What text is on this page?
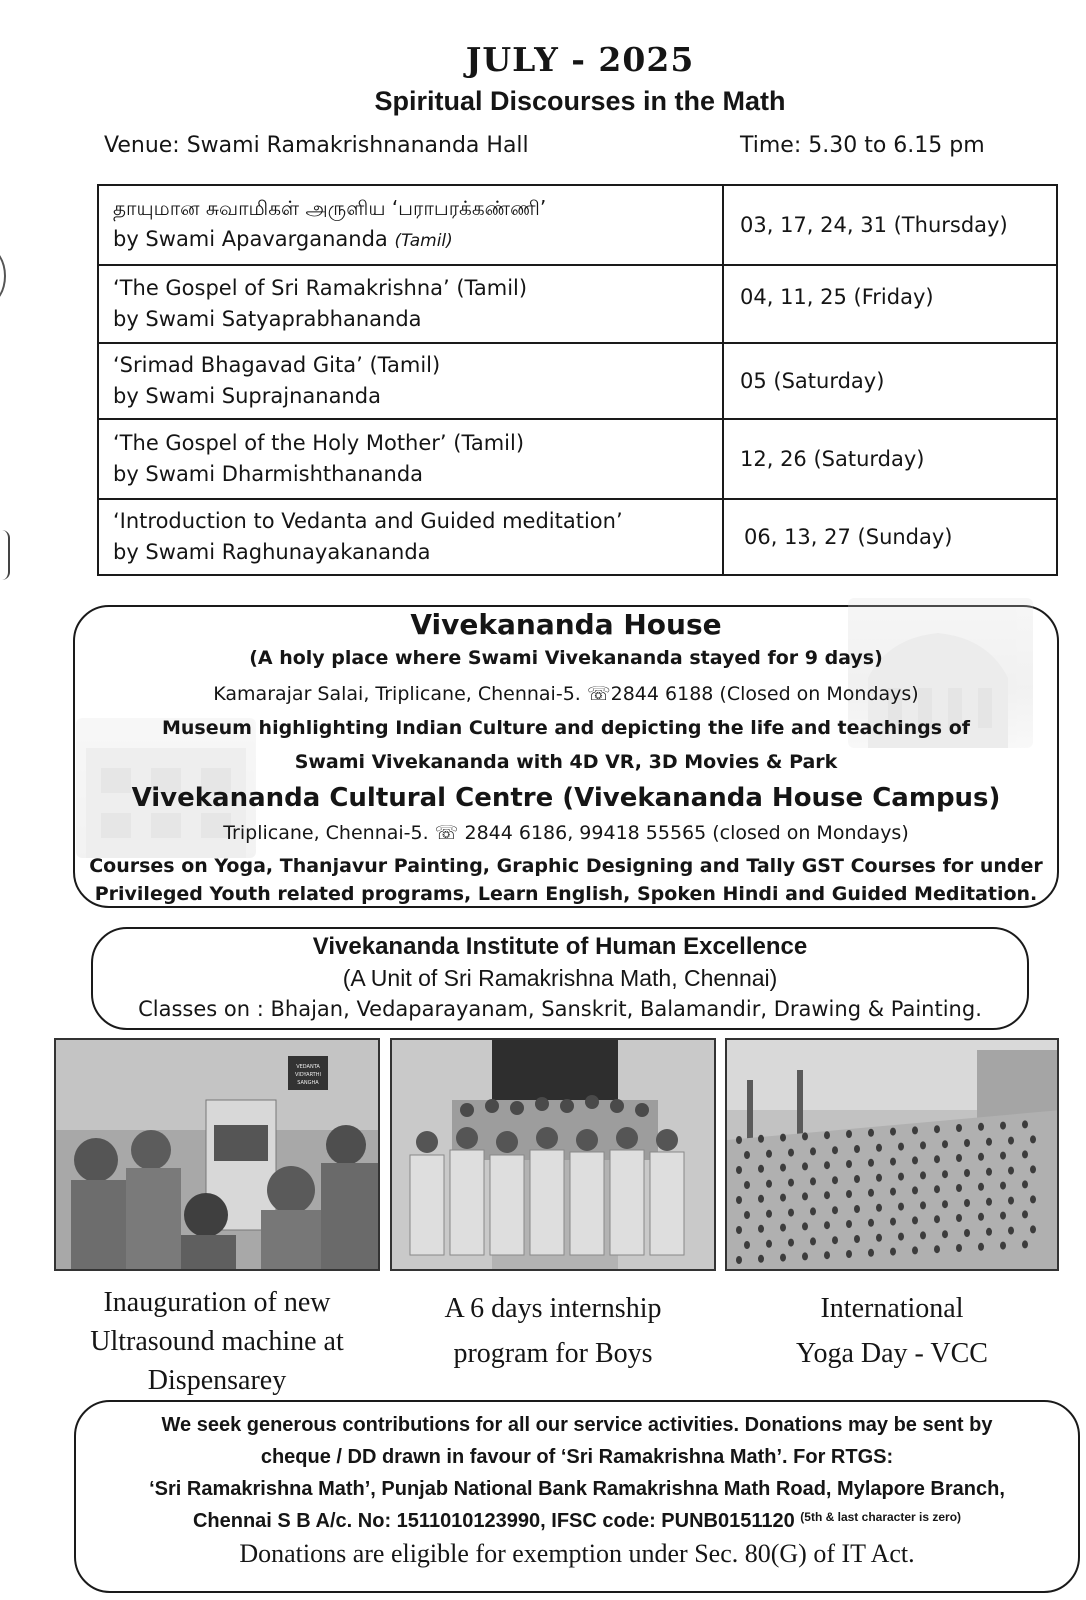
JULY - 2025
Spiritual Discourses in the Math
Venue: Swami Ramakrishnananda Hall	Time: 5.30 to 6.15 pm
தாயுமான சுவாமிகள் அருளிய ‘பராபரக்கண்ணி’
by Swami Apavargananda (Tamil)	03, 17, 24, 31 (Thursday)

‘The Gospel of Sri Ramakrishna’ (Tamil)
by Swami Satyaprabhananda	04, 11, 25 (Friday)

‘Srimad Bhagavad Gita’ (Tamil)
by Swami Suprajnananda	05 (Saturday)

‘The Gospel of the Holy Mother’ (Tamil)
by Swami Dharmishthananda	12, 26 (Saturday)

‘Introduction to Vedanta and Guided meditation’
by Swami Raghunayakananda	06, 13, 27 (Sunday)
Vivekananda House
(A holy place where Swami Vivekananda stayed for 9 days)
Kamarajar Salai, Triplicane, Chennai-5. ☏2844 6188 (Closed on Mondays)
Museum highlighting Indian Culture and depicting the life and teachings of
Swami Vivekananda with 4D VR, 3D Movies & Park
Vivekananda Cultural Centre (Vivekananda House Campus)
Triplicane, Chennai-5. ☏ 2844 6186, 99418 55565 (closed on Mondays)
Courses on Yoga, Thanjavur Painting, Graphic Designing and Tally GST Courses for under
Privileged Youth related programs, Learn English, Spoken Hindi and Guided Meditation.
Vivekananda Institute of Human Excellence
(A Unit of Sri Ramakrishna Math, Chennai)
Classes on : Bhajan, Vedaparayanam, Sanskrit, Balamandir, Drawing & Painting.
VEDANTA
VIDYARTHI
SANGHA
Inauguration of new
Ultrasound machine at
Dispensarey
A 6 days internship
program for Boys
International
Yoga Day - VCC
We seek generous contributions for all our service activities. Donations may be sent by
cheque / DD drawn in favour of ‘Sri Ramakrishna Math’. For RTGS:
‘Sri Ramakrishna Math’, Punjab National Bank Ramakrishna Math Road, Mylapore Branch,
Chennai S B A/c. No: 1511010123990, IFSC code: PUNB0151120 $^{(5th \& last character is zero)}$
Donations are eligible for exemption under Sec. 80(G) of IT Act.
